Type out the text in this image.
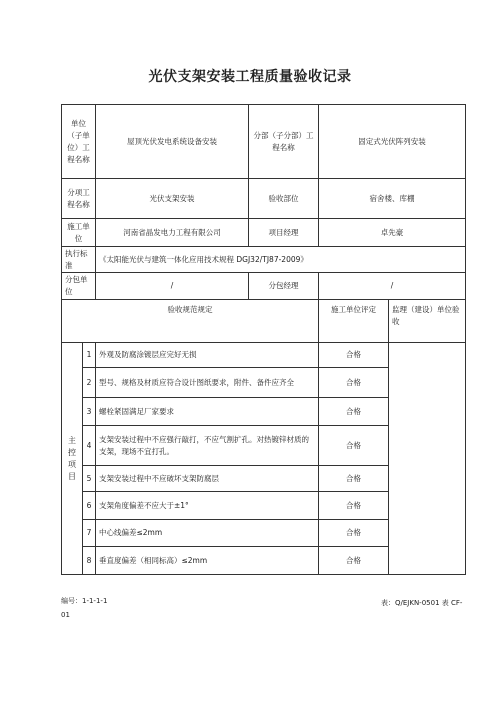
光伏支架安装工程质量验收记录
单位（子单位）工程名称		屋顶光伏发电系统设备安装	分部（子分部）工程名称	固定式光伏阵列安装	
分项工程名称		光伏支架安装	验收部位	宿舍楼、库棚	
施工单位		河南省晶发电力工程有限公司	项目经理	卓先豪	
执行标准		《太阳能光伏与建筑一体化应用技术规程 DGJ32/TJ87-2009》			
分包单位		/	分包经理	/	
验收规范规定				施工单位评定	监理（建设）单位验收
主
控
项
目	1	外观及防腐涂镀层应完好无损		合格	
	2	型号、规格及材质应符合设计图纸要求，附件、备件应齐全		合格	
	3	螺栓紧固满足厂家要求		合格	
	4	支架安装过程中不应强行敲打，不应气割扩孔。对热镀锌材质的支架，现场不宜打孔。		合格	
	5	支架安装过程中不应破坏支架防腐层		合格	
	6	支架角度偏差不应大于±1°		合格	
	7	中心线偏差≤2mm		合格	
	8	垂直度偏差（相同标高）≤2mm		合格	
编号：1-1-1-1	表：Q/EJKN-0501 表 CF-
01
